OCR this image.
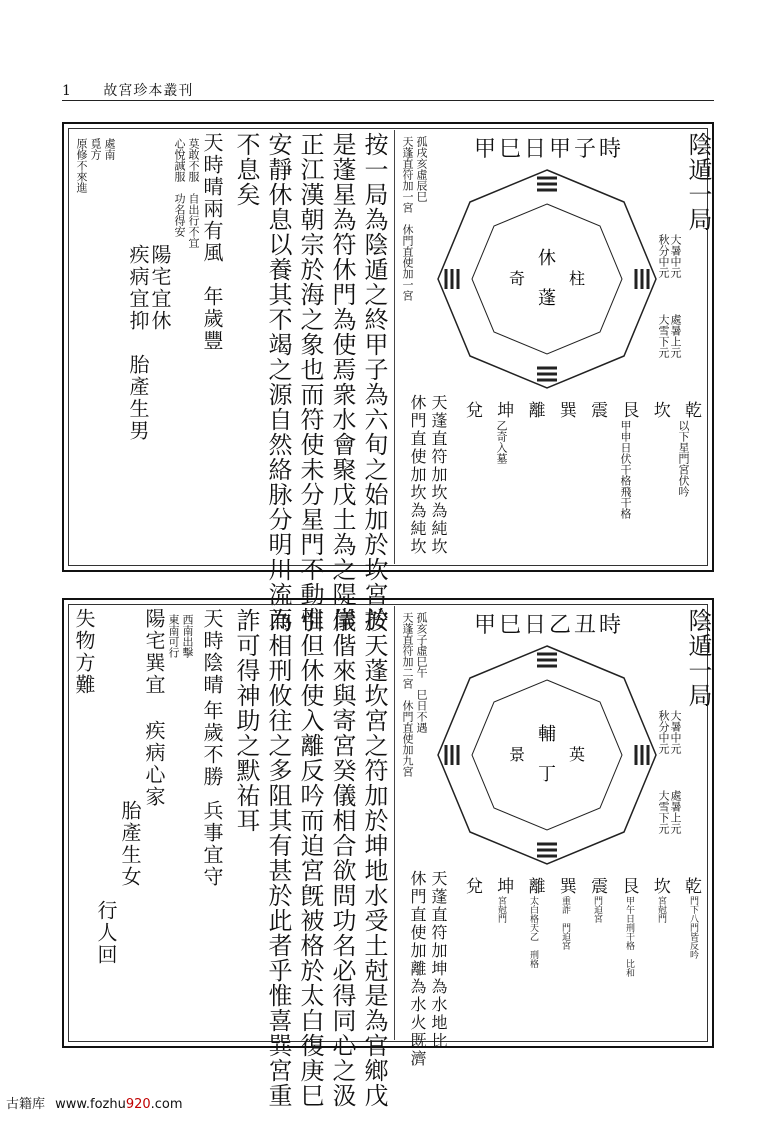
1 故宮珍本叢刊
陰遁一局
大暑中元
秋分中元
處暑上元
大雪下元
甲巳日甲子時
休
蓬
奇	柱
乾
坎
艮
震
巽
離
坤
兌
以下星門宮伏吟
甲申日伏干格飛干格
乙奇入墓
孤戌亥虛辰巳
天蓬直符加一宮　休門直使加一宮
天蓬直符加坎為純坎
休門直使加坎為純坎
按一局為陰遁之終甲子為六旬之始加於坎宮於
是蓬星為符休門為使焉衆水會聚戊土為之隄岸
正江漢朝宗於海之象也而符使未分星門不動惟
安靜休息以養其不竭之源自然絡脉分明川流而
不息矣
天時晴兩有風　年歲豐
莫敢不服　自出行不宜
心悅誠服　功名得安
陽宅宜休
疾病宜抑　胎產生男
處南
覓方
原修不來進
陰遁一局
大暑中元
秋分中元
處暑上元
大雪下元
甲巳日乙丑時
輔
丁
景	英
乾
坎
艮
震
巽
離
坤
兌
門下八門皆反吟
宮尅門
甲午日刑干格　比和
門迫宮
重詐　門迫宮
太白格天乙　刑格
宮尅門
孤亥子虛巳午　巳日不遇
天蓬直符加二宮　休門直使加九宮
天蓬直符加坤為水地比
休門直使加離為水火既濟
按天蓬坎宮之符加於坤地水受土尅是為官鄉戊
儀偕來與寄宮癸儀相合欲問功名必得同心之汲
引但休使入離反吟而迫宮旣被格於太白復庚巳
為相刑攸往之多阻其有甚於此者乎惟喜巽宮重
詐可得神助之默祐耳
天時陰晴
年歲不勝
兵事宜守
西南出擊
東南可行
陽宅巽宜
疾病心家
胎產生女
行人回
失物方難
古籍库 www.fozhu920.com
